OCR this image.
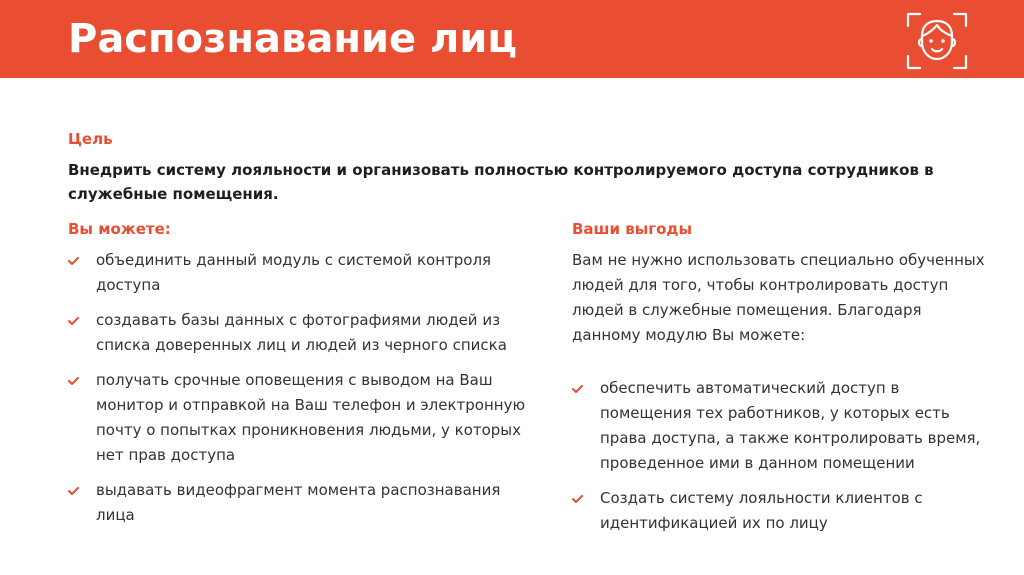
Распознавание лиц
Цель
Внедрить систему лояльности и организовать полностью контролируемого доступа сотрудников в служебные помещения.
Вы можете:
объединить данный модуль с системой контроля доступа
создавать базы данных с фотографиями людей из списка доверенных лиц и людей из черного списка
получать срочные оповещения с выводом на Ваш монитор и отправкой на Ваш телефон и электронную почту о попытках проникновения людьми, у которых нет прав доступа
выдавать видеофрагмент момента распознавания лица
Ваши выгоды
Вам не нужно использовать специально обученных людей для того, чтобы контролировать доступ людей в служебные помещения. Благодаря данному модулю Вы можете:
обеспечить автоматический доступ в помещения тех работников, у которых есть права доступа, а также контролировать время, проведенное ими в данном помещении
Создать систему лояльности клиентов с идентификацией их по лицу
